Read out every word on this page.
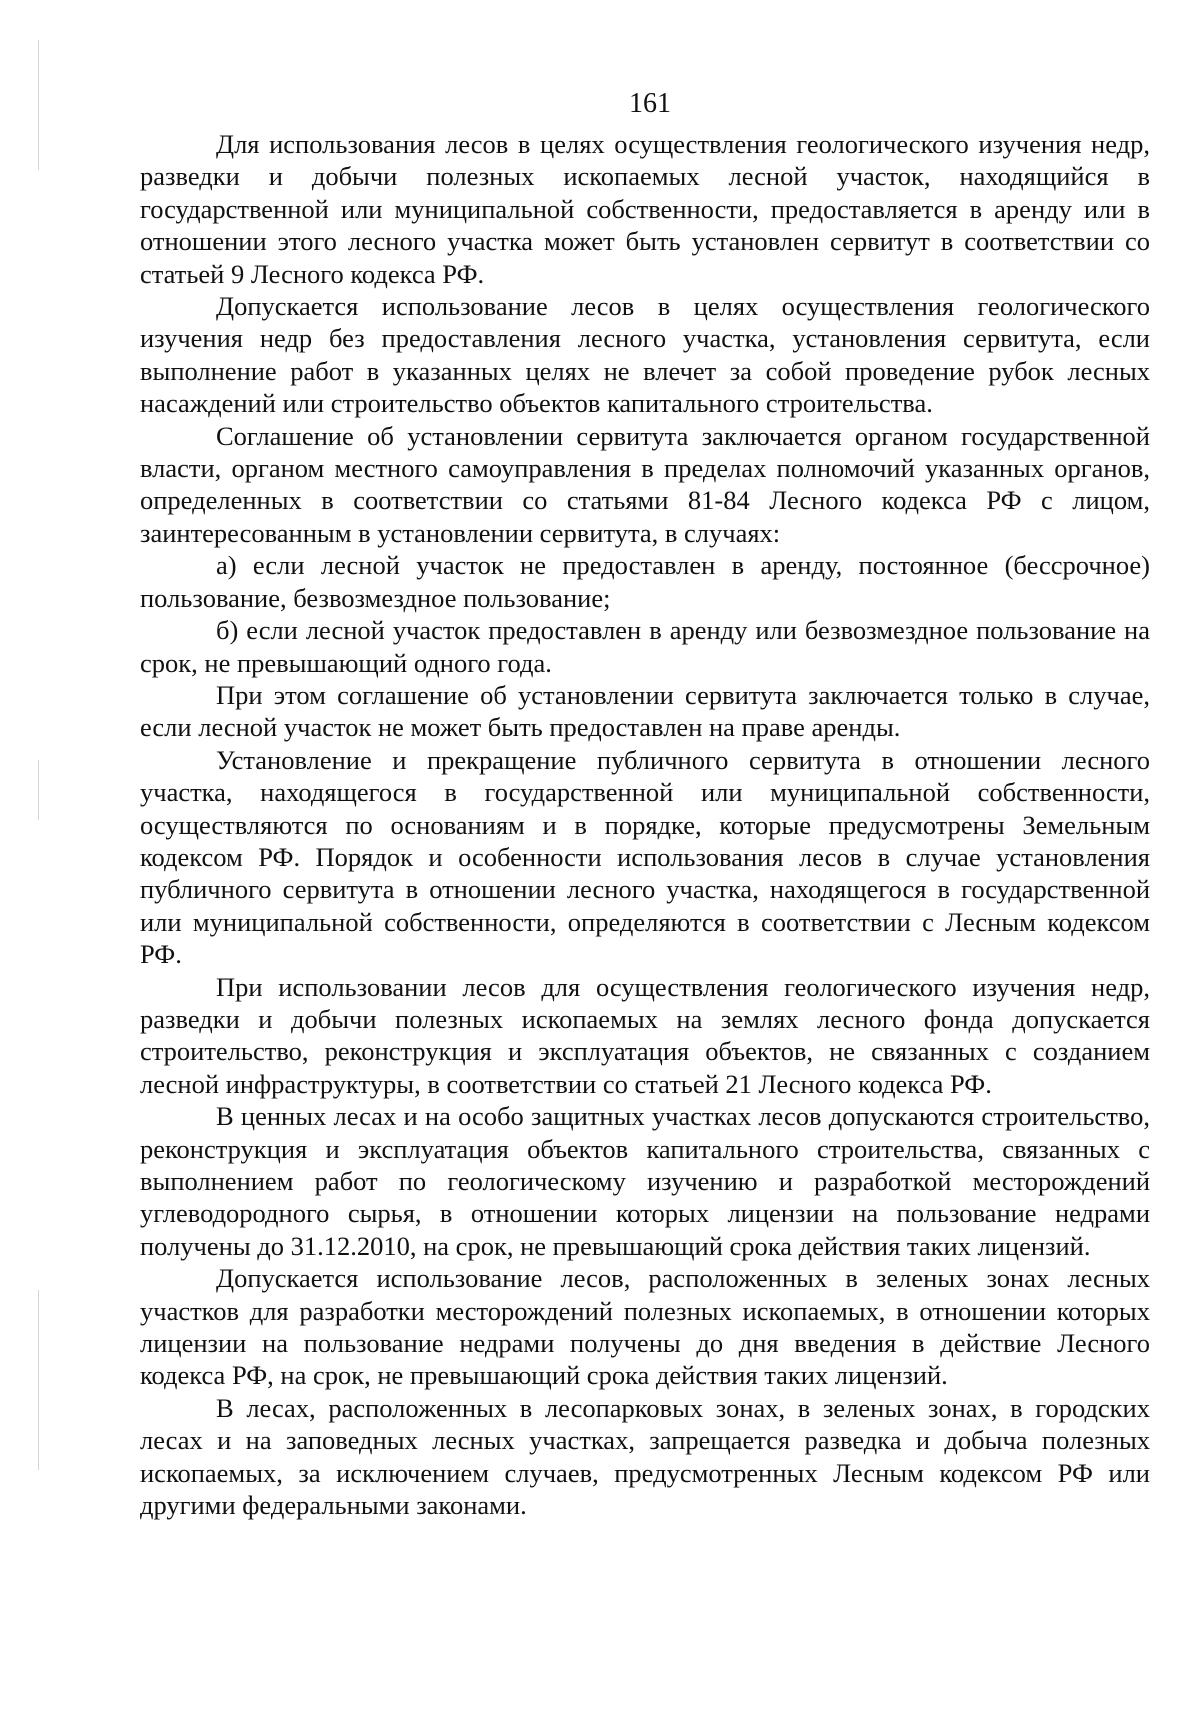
161

Для использования лесов в целях осуществления геологического изучения недр, разведки и добычи полезных ископаемых лесной участок, находящийся в государственной или муниципальной собственности, предоставляется в аренду или в отношении этого лесного участка может быть установлен сервитут в соответствии со статьей 9 Лесного кодекса РФ.

Допускается использование лесов в целях осуществления геологического изучения недр без предоставления лесного участка, установления сервитута, если выполнение работ в указанных целях не влечет за собой проведение рубок лесных насаждений или строительство объектов капитального строительства.

Соглашение об установлении сервитута заключается органом государственной власти, органом местного самоуправления в пределах полномочий указанных органов, определенных в соответствии со статьями 81-84 Лесного кодекса РФ с лицом, заинтересованным в установлении сервитута, в случаях:

а) если лесной участок не предоставлен в аренду, постоянное (бессрочное) пользование, безвозмездное пользование;

б) если лесной участок предоставлен в аренду или безвозмездное пользование на срок, не превышающий одного года.

При этом соглашение об установлении сервитута заключается только в случае, если лесной участок не может быть предоставлен на праве аренды.

Установление и прекращение публичного сервитута в отношении лесного участка, находящегося в государственной или муниципальной собственности, осуществляются по основаниям и в порядке, которые предусмотрены Земельным кодексом РФ. Порядок и особенности использования лесов в случае установления публичного сервитута в отношении лесного участка, находящегося в государственной или муниципальной собственности, определяются в соответствии с Лесным кодексом РФ.

При использовании лесов для осуществления геологического изучения недр, разведки и добычи полезных ископаемых на землях лесного фонда допускается строительство, реконструкция и эксплуатация объектов, не связанных с созданием лесной инфраструктуры, в соответствии со статьей 21 Лесного кодекса РФ.

В ценных лесах и на особо защитных участках лесов допускаются строительство, реконструкция и эксплуатация объектов капитального строительства, связанных с выполнением работ по геологическому изучению и разработкой месторождений углеводородного сырья, в отношении которых лицензии на пользование недрами получены до 31.12.2010, на срок, не превышающий срока действия таких лицензий.

Допускается использование лесов, расположенных в зеленых зонах лесных участков для разработки месторождений полезных ископаемых, в отношении которых лицензии на пользование недрами получены до дня введения в действие Лесного кодекса РФ, на срок, не превышающий срока действия таких лицензий.

В лесах, расположенных в лесопарковых зонах, в зеленых зонах, в городских лесах и на заповедных лесных участках, запрещается разведка и добыча полезных ископаемых, за исключением случаев, предусмотренных Лесным кодексом РФ или другими федеральными законами.
